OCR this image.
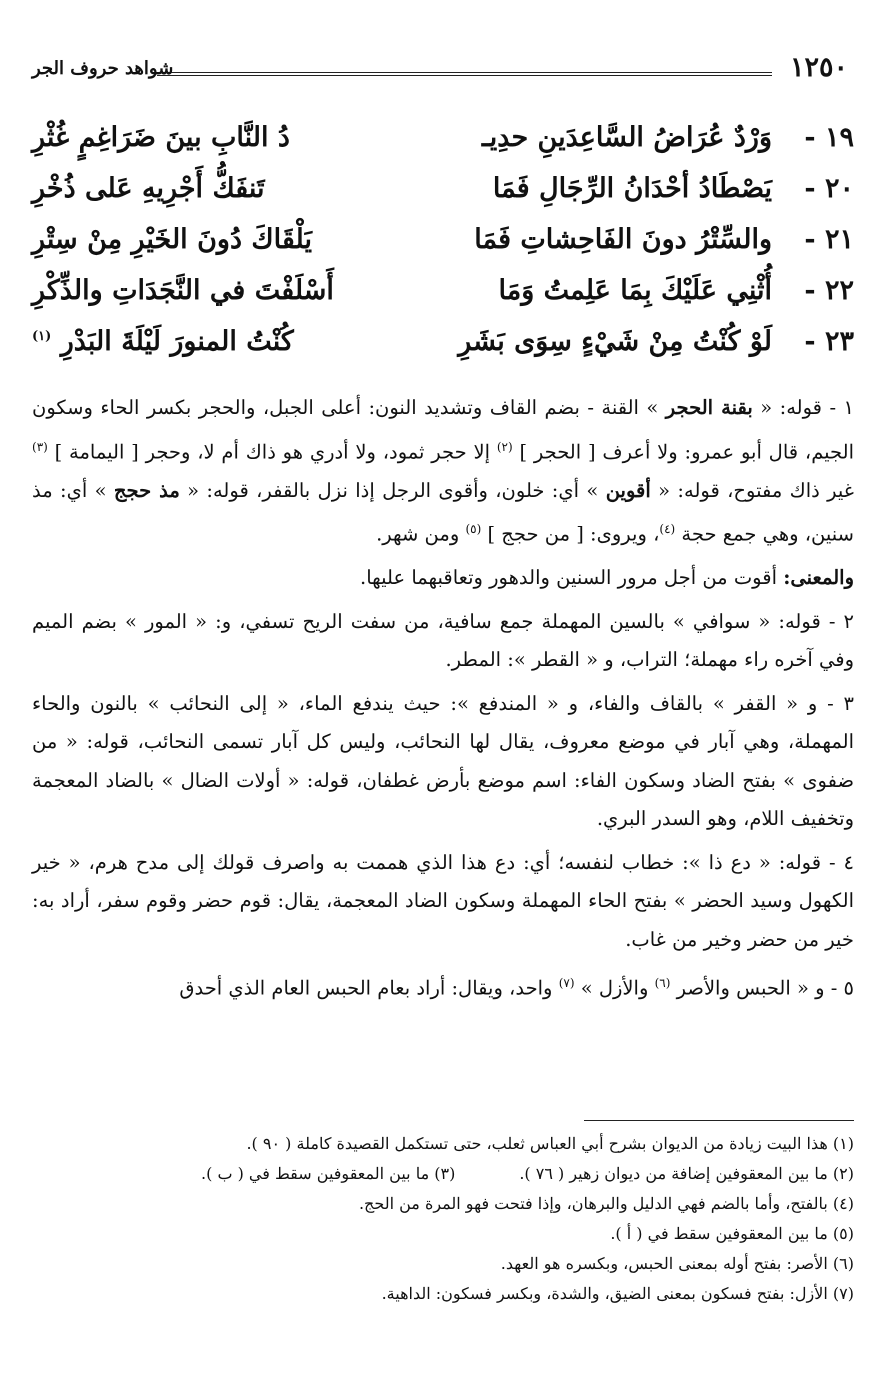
١٢٥٠
شواهد حروف الجر
١٩ -
وَرْدٌ عُرَاضُ السَّاعِدَينِ حدِيـ
دُ النَّابِ بينَ ضَرَاغِمٍ غُثْرِ
٢٠ -
يَصْطَادُ أحْدَانُ الرِّجَالِ فَمَا
تَنفَكُّ أَجْرِيهِ عَلى ذُخْرِ
٢١ -
والسِّتْرُ دونَ الفَاحِشاتِ فَمَا
يَلْقَاكَ دُونَ الخَيْرِ مِنْ سِتْرِ
٢٢ -
أُثْنِي عَلَيْكَ بِمَا عَلِمتُ وَمَا
أَسْلَفْتَ في النَّجَدَاتِ والذِّكْرِ
٢٣ -
لَوْ كُنْتُ مِنْ شَيْءٍ سِوَى بَشَرِ
كُنْتُ المنورَ لَيْلَةَ البَدْرِ $^{(١)}$

١ - قوله: « بقنة الحجر » القنة - بضم القاف وتشديد النون: أعلى الجبل، والحجر بكسر الحاء وسكون الجيم، قال أبو عمرو: ولا أعرف [ الحجر ] $^{(٢)}$ إلا حجر ثمود، ولا أدري هو ذاك أم لا، وحجر [ اليمامة ] $^{(٣)}$ غير ذاك مفتوح، قوله: « أقوين » أي: خلون، وأقوى الرجل إذا نزل بالقفر، قوله: « مذ حجج » أي: مذ سنين، وهي جمع حجة $^{(٤)}$، ويروى: [ من حجج ] $^{(٥)}$ ومن شهر.

والمعنى: أقوت من أجل مرور السنين والدهور وتعاقبهما عليها.

٢ - قوله: « سوافي » بالسين المهملة جمع سافية، من سفت الريح تسفي، و: « المور » بضم الميم وفي آخره راء مهملة؛ التراب، و « القطر »: المطر.

٣ - و « القفر » بالقاف والفاء، و « المندفع »: حيث يندفع الماء، « إلى النحائب » بالنون والحاء المهملة، وهي آبار في موضع معروف، يقال لها النحائب، وليس كل آبار تسمى النحائب، قوله: « من ضفوى » بفتح الضاد وسكون الفاء: اسم موضع بأرض غطفان، قوله: « أولات الضال » بالضاد المعجمة وتخفيف اللام، وهو السدر البري.

٤ - قوله: « دع ذا »: خطاب لنفسه؛ أي: دع هذا الذي هممت به واصرف قولك إلى مدح هرم، « خير الكهول وسيد الحضر » بفتح الحاء المهملة وسكون الضاد المعجمة، يقال: قوم حضر وقوم سفر، أراد به: خير من حضر وخير من غاب.

٥ - و « الحبس والأصر $^{(٦)}$ والأزل » $^{(٧)}$ واحد، ويقال: أراد بعام الحبس العام الذي أحدق

(١) هذا البيت زيادة من الديوان بشرح أبي العباس ثعلب، حتى تستكمل القصيدة كاملة ( ٩٠ ).
(٢) ما بين المعقوفين إضافة من ديوان زهير ( ٧٦ ).
(٣) ما بين المعقوفين سقط في ( ب ).
(٤) بالفتح، وأما بالضم فهي الدليل والبرهان، وإذا فتحت فهو المرة من الحج.
(٥) ما بين المعقوفين سقط في ( أ ).
(٦) الأصر: بفتح أوله بمعنى الحبس، وبكسره هو العهد.
(٧) الأزل: بفتح فسكون بمعنى الضيق، والشدة، وبكسر فسكون: الداهية.
